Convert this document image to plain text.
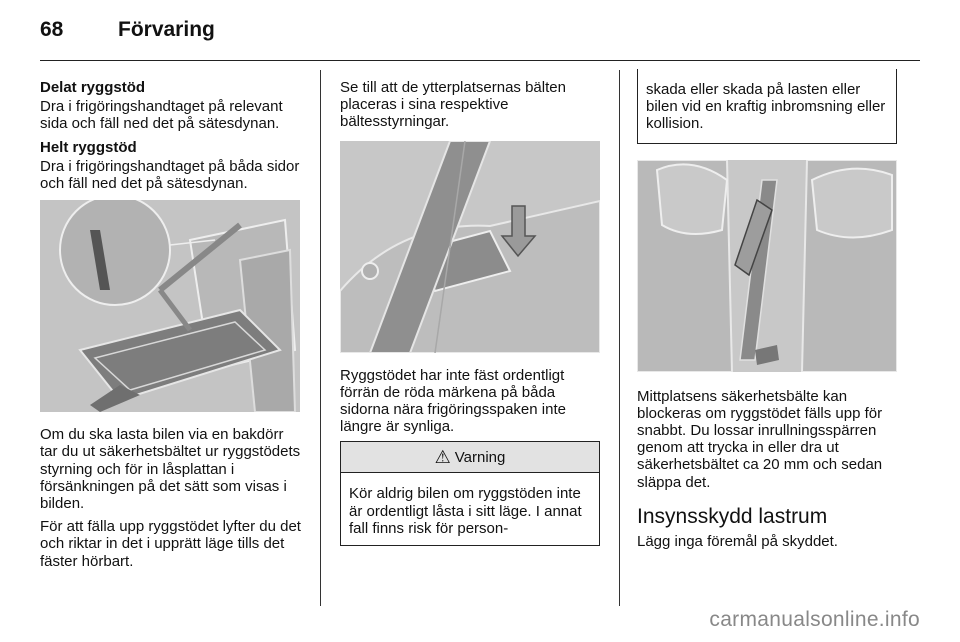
68	Förvaring
Delat ryggstöd

Dra i frigöringshandtaget på relevant sida och fäll ned det på sätesdynan.

Helt ryggstöd

Dra i frigöringshandtaget på båda sidor och fäll ned det på sätesdynan.

Om du ska lasta bilen via en bakdörr tar du ut säkerhetsbältet ur ryggstödets styrning och för in låsplattan i försänkningen på det sätt som visas i bilden.

För att fälla upp ryggstödet lyfter du det och riktar in det i upprätt läge tills det fäster hörbart.

Se till att de ytterplatsernas bälten placeras i sina respektive bältesstyrningar.

Ryggstödet har inte fäst ordentligt förrän de röda märkena på båda sidorna nära frigöringsspaken inte längre är synliga.

⚠ Varning
Kör aldrig bilen om ryggstöden inte är ordentligt låsta i sitt läge. I annat fall finns risk för person-
skada eller skada på lasten eller bilen vid en kraftig inbromsning eller kollision.

Mittplatsens säkerhetsbälte kan blockeras om ryggstödet fälls upp för snabbt. Du lossar inrullningsspärren genom att trycka in eller dra ut säkerhetsbältet ca 20 mm och sedan släppa det.

Insynsskydd lastrum

Lägg inga föremål på skyddet.

carmanualsonline.info
